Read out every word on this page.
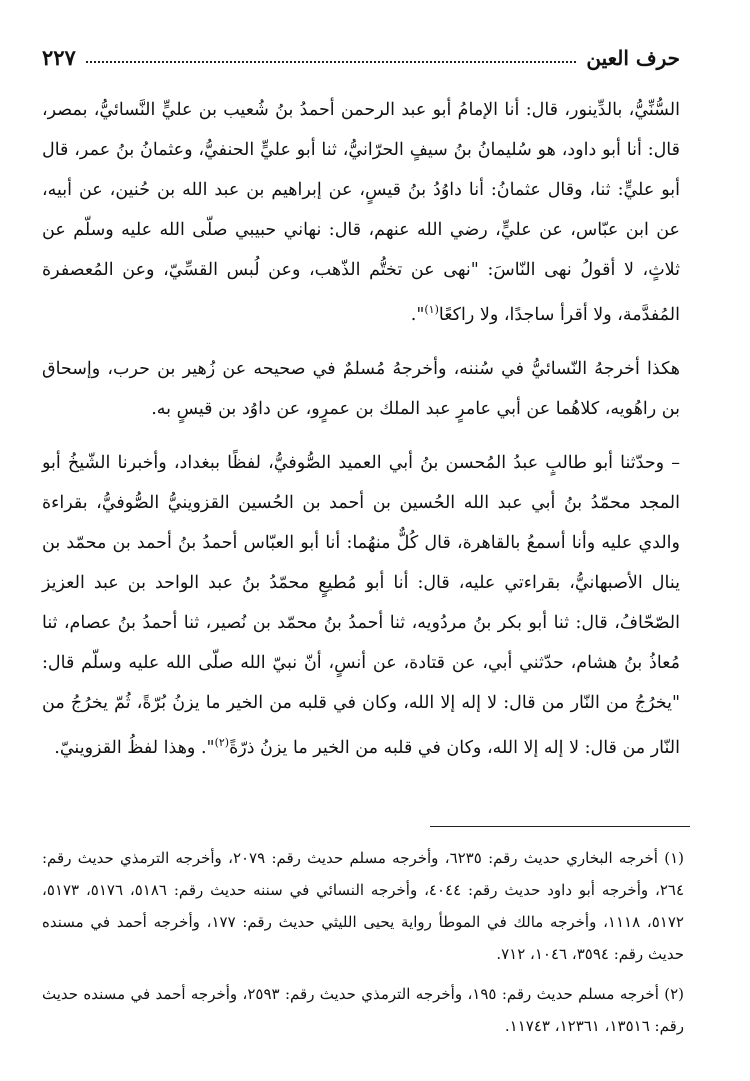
حرف العين
٢٢٧

السُّنِّيُّ، بالدِّينور، قال: أنا الإمامُ أبو عبد الرحمن أحمدُ بنُ شُعيب بن عليٍّ النَّسائيُّ، بمصر، قال: أنا أبو داود، هو سُليمانُ بنُ سيفٍ الحرّانيُّ، ثنا أبو عليٍّ الحنفيُّ، وعثمانُ بنُ عمر، قال أبو عليٍّ: ثنا، وقال عثمانُ: أنا داوُدُ بنُ قيسٍ، عن إبراهيم بن عبد الله بن حُنين، عن أبيه، عن ابن عبّاس، عن عليٍّ، رضي الله عنهم، قال: نهاني حبيبي صلّى الله عليه وسلّم عن ثلاثٍ، لا أقولُ نهى النّاسَ: "نهى عن تختُّم الذّهب، وعن لُبس القسِّيّ، وعن المُعصفرة المُفدَّمة، ولا أقرأ ساجدًا، ولا راكعًا$^{(١)}$".

هكذا أخرجهُ النّسائيُّ في سُننه، وأخرجهُ مُسلمٌ في صحيحه عن زُهير بن حرب، وإسحاق بن راهُويه، كلاهُما عن أبي عامرٍ عبد الملك بن عمرٍو، عن داوُد بن قيسٍ به.

– وحدّثنا أبو طالبٍ عبدُ المُحسن بنُ أبي العميد الصُّوفيُّ، لفظًا ببغداد، وأخبرنا الشّيخُ أبو المجد محمّدُ بنُ أبي عبد الله الحُسين بن أحمد بن الحُسين القزوينيُّ الصُّوفيُّ، بقراءة والدي عليه وأنا أسمعُ بالقاهرة، قال كُلٌّ منهُما: أنا أبو العبّاس أحمدُ بنُ أحمد بن محمّد بن ينال الأصبهانيُّ، بقراءتي عليه، قال: أنا أبو مُطيعٍ محمّدُ بنُ عبد الواحد بن عبد العزيز الصّحّافُ، قال: ثنا أبو بكر بنُ مردُويه، ثنا أحمدُ بنُ محمّد بن نُصير، ثنا أحمدُ بنُ عصام، ثنا مُعاذُ بنُ هشام، حدّثني أبي، عن قتادة، عن أنسٍ، أنّ نبيّ الله صلّى الله عليه وسلّم قال: "يخرُجُ من النّار من قال: لا إله إلا الله، وكان في قلبه من الخير ما يزنُ بُرّةً، ثُمّ يخرُجُ من النّار من قال: لا إله إلا الله، وكان في قلبه من الخير ما يزنُ ذرّةً$^{(٢)}$". وهذا لفظُ القزوينيّ.

(١) أخرجه البخاري حديث رقم: ٦٢٣٥، وأخرجه مسلم حديث رقم: ٢٠٧٩، وأخرجه الترمذي حديث رقم: ٢٦٤، وأخرجه أبو داود حديث رقم: ٤٠٤٤، وأخرجه النسائي في سننه حديث رقم: ٥١٨٦، ٥١٧٦، ٥١٧٣، ٥١٧٢، ١١١٨، وأخرجه مالك في الموطأ رواية يحيى الليثي حديث رقم: ١٧٧، وأخرجه أحمد في مسنده حديث رقم: ٣٥٩٤، ١٠٤٦، ٧١٢.

(٢) أخرجه مسلم حديث رقم: ١٩٥، وأخرجه الترمذي حديث رقم: ٢٥٩٣، وأخرجه أحمد في مسنده حديث رقم: ١٣٥١٦، ١٢٣٦١، ١١٧٤٣.
